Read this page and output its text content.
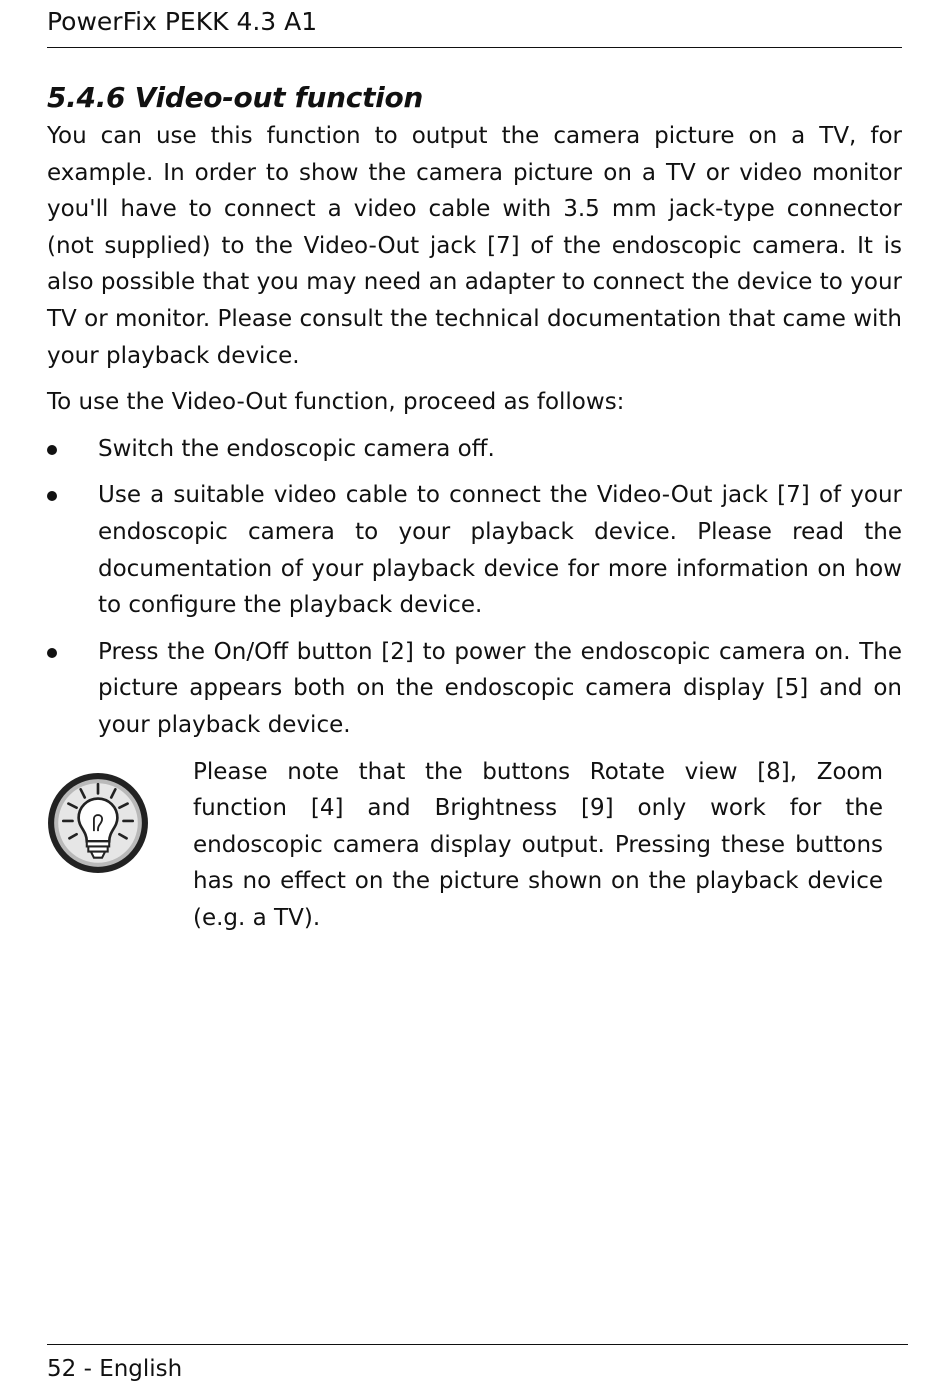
PowerFix PEKK 4.3 A1
5.4.6 Video-out function

You can use this function to output the camera picture on a TV, for example. In order to show the camera picture on a TV or video monitor you'll have to connect a video cable with 3.5 mm jack-type connector (not supplied) to the Video-Out jack [7] of the endoscopic camera. It is also possible that you may need an adapter to connect the device to your TV or monitor. Please consult the technical documentation that came with your playback device.

To use the Video-Out function, proceed as follows:

Switch the endoscopic camera off.
Use a suitable video cable to connect the Video-Out jack [7] of your endoscopic camera to your playback device. Please read the documentation of your playback device for more information on how to configure the playback device.
Press the On/Off button [2] to power the endoscopic camera on. The picture appears both on the endoscopic camera display [5] and on your playback device.

Please note that the buttons Rotate view [8], Zoom function [4] and Brightness [9] only work for the endoscopic camera display output. Pressing these buttons has no effect on the picture shown on the playback device (e.g. a TV).

52 - English
